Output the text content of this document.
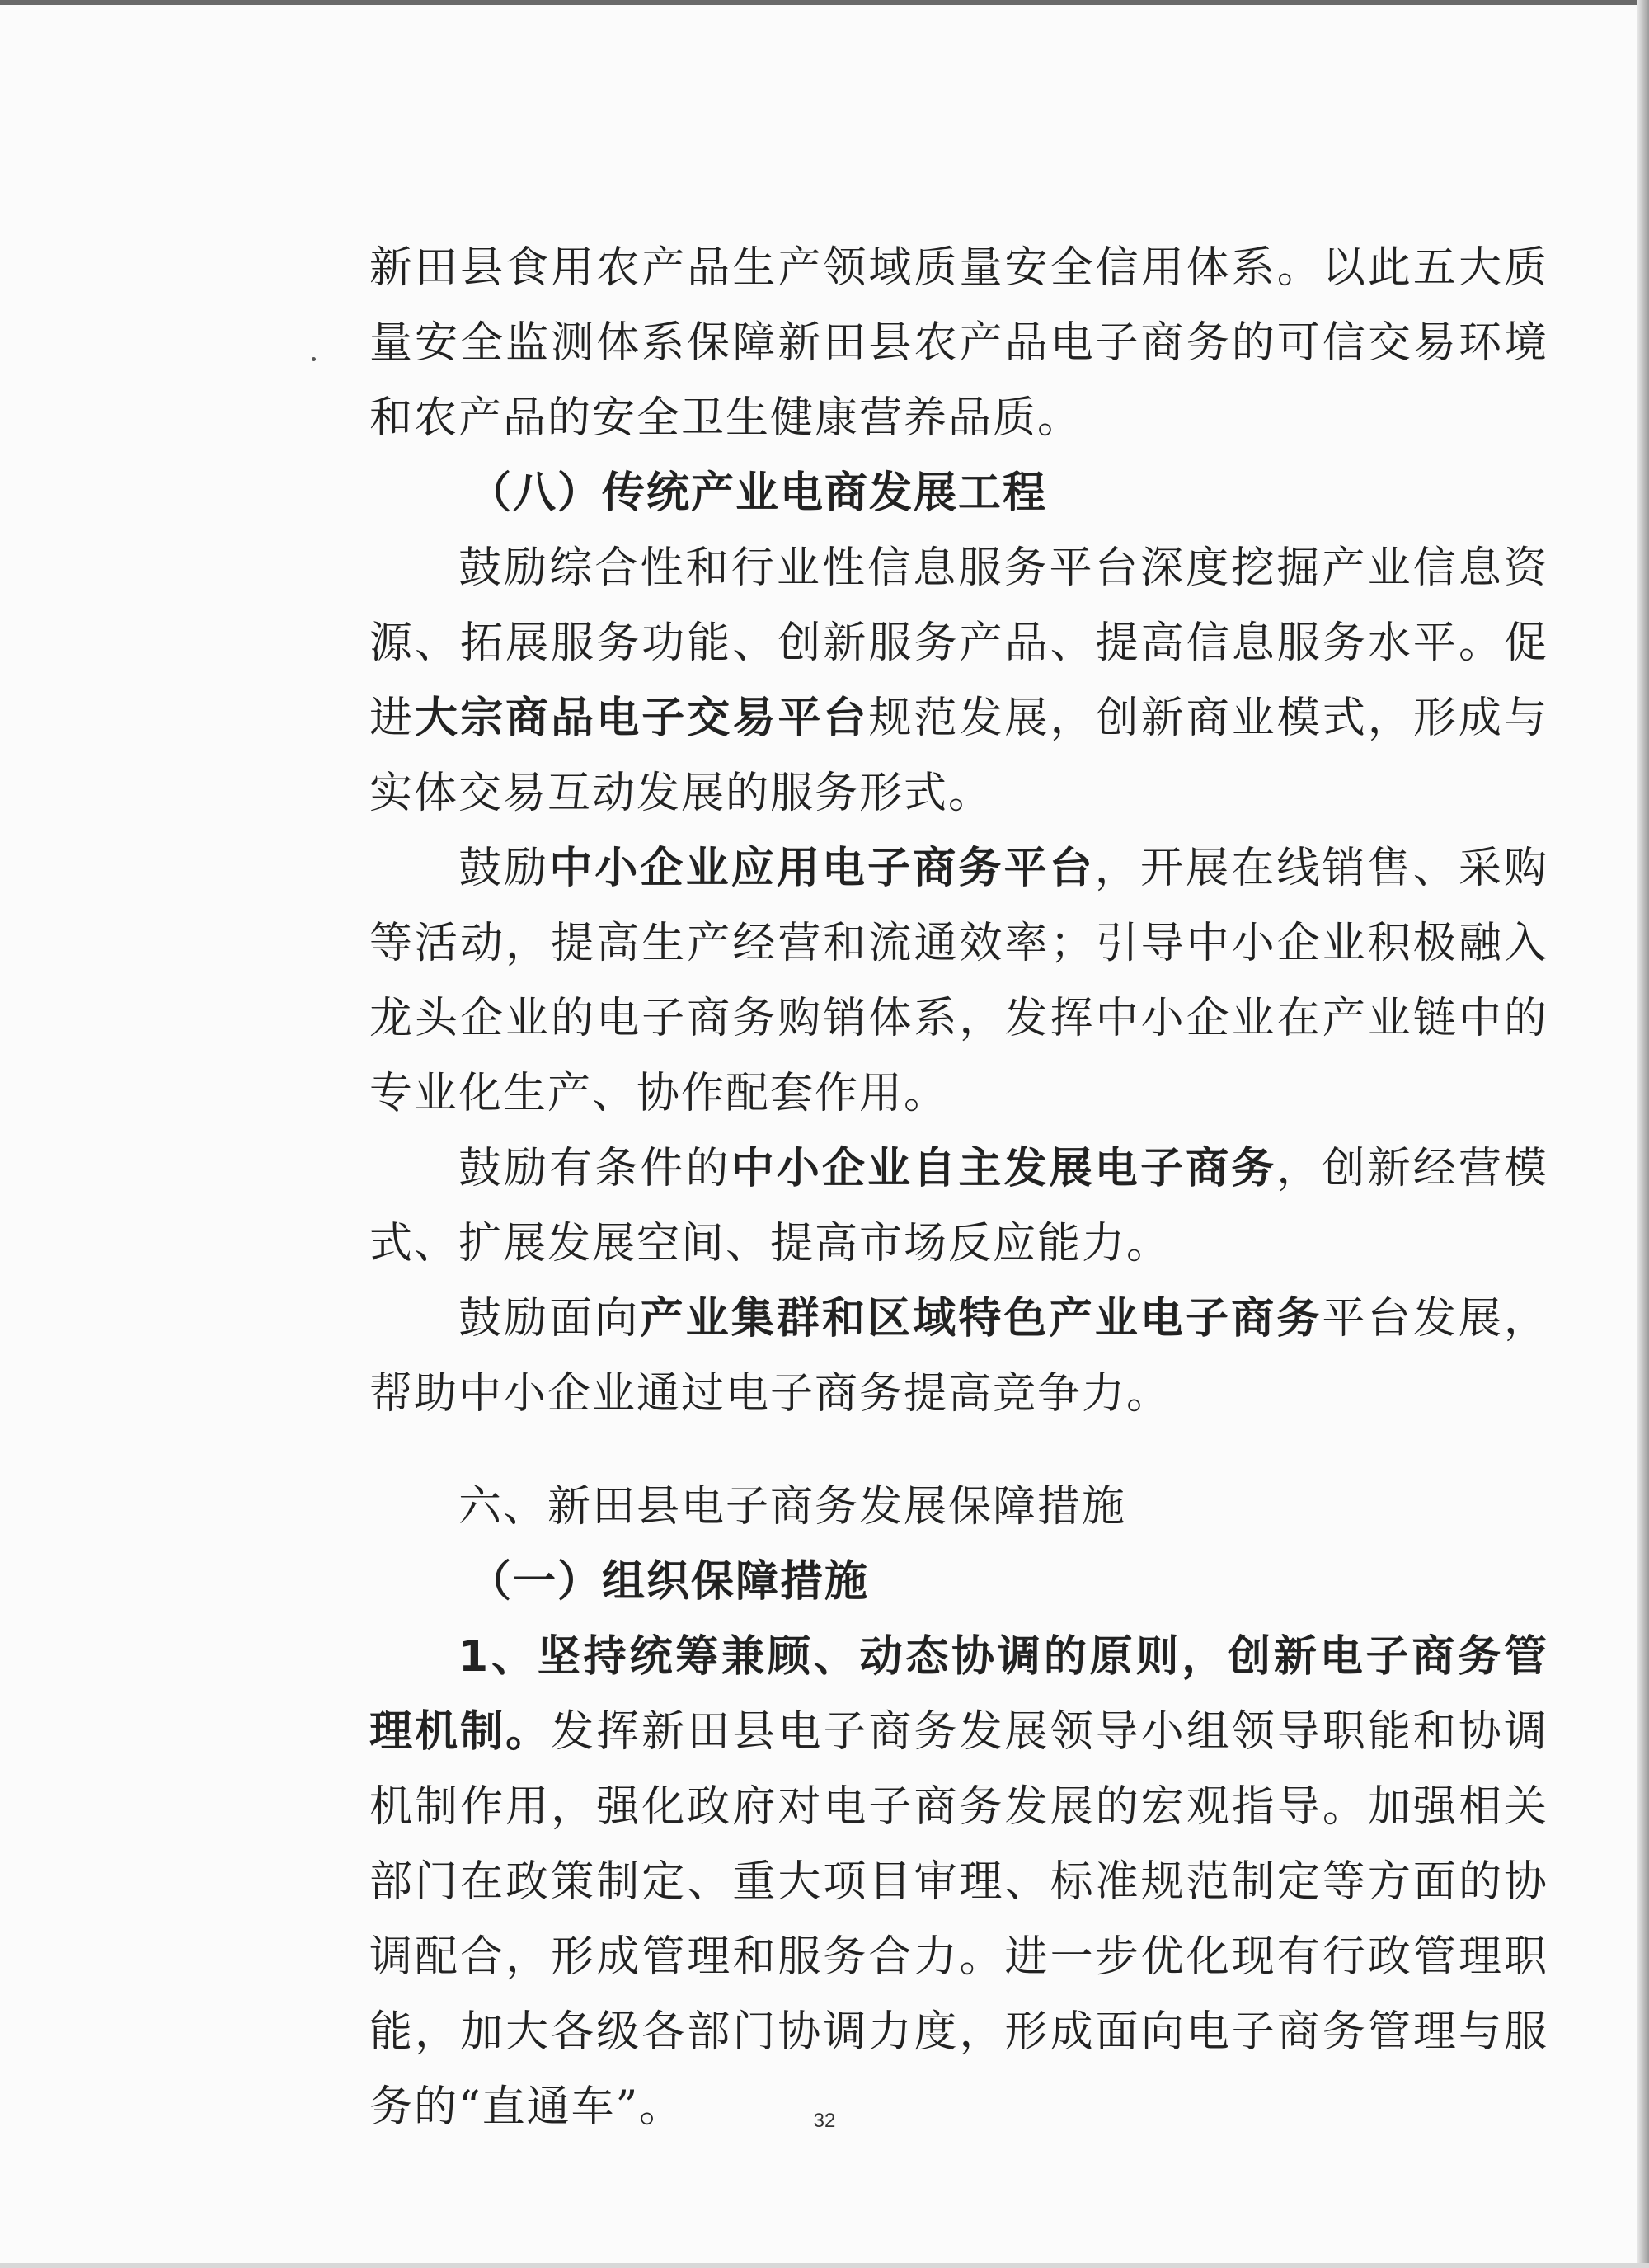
新田县食用农产品生产领域质量安全信用体系。以此五大质量安全监测体系保障新田县农产品电子商务的可信交易环境和农产品的安全卫生健康营养品质。

（八）传统产业电商发展工程

鼓励综合性和行业性信息服务平台深度挖掘产业信息资源、拓展服务功能、创新服务产品、提高信息服务水平。促进大宗商品电子交易平台规范发展，创新商业模式，形成与实体交易互动发展的服务形式。

鼓励中小企业应用电子商务平台，开展在线销售、采购等活动，提高生产经营和流通效率；引导中小企业积极融入龙头企业的电子商务购销体系，发挥中小企业在产业链中的专业化生产、协作配套作用。

鼓励有条件的中小企业自主发展电子商务，创新经营模式、扩展发展空间、提高市场反应能力。

鼓励面向产业集群和区域特色产业电子商务平台发展，帮助中小企业通过电子商务提高竞争力。

六、新田县电子商务发展保障措施

（一）组织保障措施

1、坚持统筹兼顾、动态协调的原则，创新电子商务管理机制。发挥新田县电子商务发展领导小组领导职能和协调机制作用，强化政府对电子商务发展的宏观指导。加强相关部门在政策制定、重大项目审理、标准规范制定等方面的协调配合，形成管理和服务合力。进一步优化现有行政管理职能，加大各级各部门协调力度，形成面向电子商务管理与服务的“直通车”。	32
